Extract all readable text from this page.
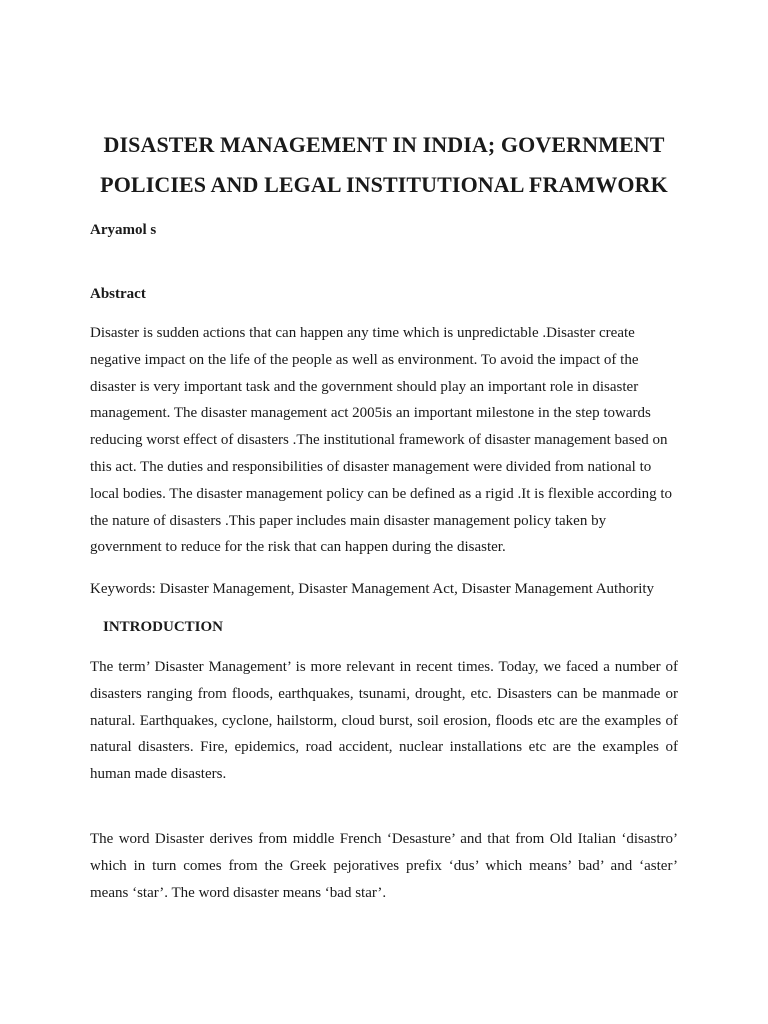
DISASTER MANAGEMENT IN INDIA; GOVERNMENT
POLICIES AND LEGAL INSTITUTIONAL FRAMWORK
Aryamol s
Abstract

Disaster is sudden actions that can happen any time which is unpredictable .Disaster create
negative impact on the life of the people as well as environment. To avoid the impact of the
disaster is very important task and the government should play an important role in disaster
management. The disaster management act 2005is an important milestone in the step towards
reducing worst effect of disasters .The institutional framework of disaster management based on
this act. The duties and responsibilities of disaster management were divided from national to
local bodies. The disaster management policy can be defined as a rigid .It is flexible according to
the nature of disasters .This paper includes main disaster management policy taken by
government to reduce for the risk that can happen during the disaster.

Keywords: Disaster Management, Disaster Management Act, Disaster Management Authority

INTRODUCTION

The term’ Disaster Management’ is more relevant in recent times. Today, we faced a number of
disasters ranging from floods, earthquakes, tsunami, drought, etc. Disasters can be manmade or
natural. Earthquakes, cyclone, hailstorm, cloud burst, soil erosion, floods etc are the examples of
natural disasters. Fire, epidemics, road accident, nuclear installations etc are the examples of
human made disasters.

The word Disaster derives from middle French ‘Desasture’ and that from Old Italian ‘disastro’
which in turn comes from the Greek pejoratives prefix ‘dus’ which means’ bad’ and ‘aster’
means ‘star’. The word disaster means ‘bad star’.
